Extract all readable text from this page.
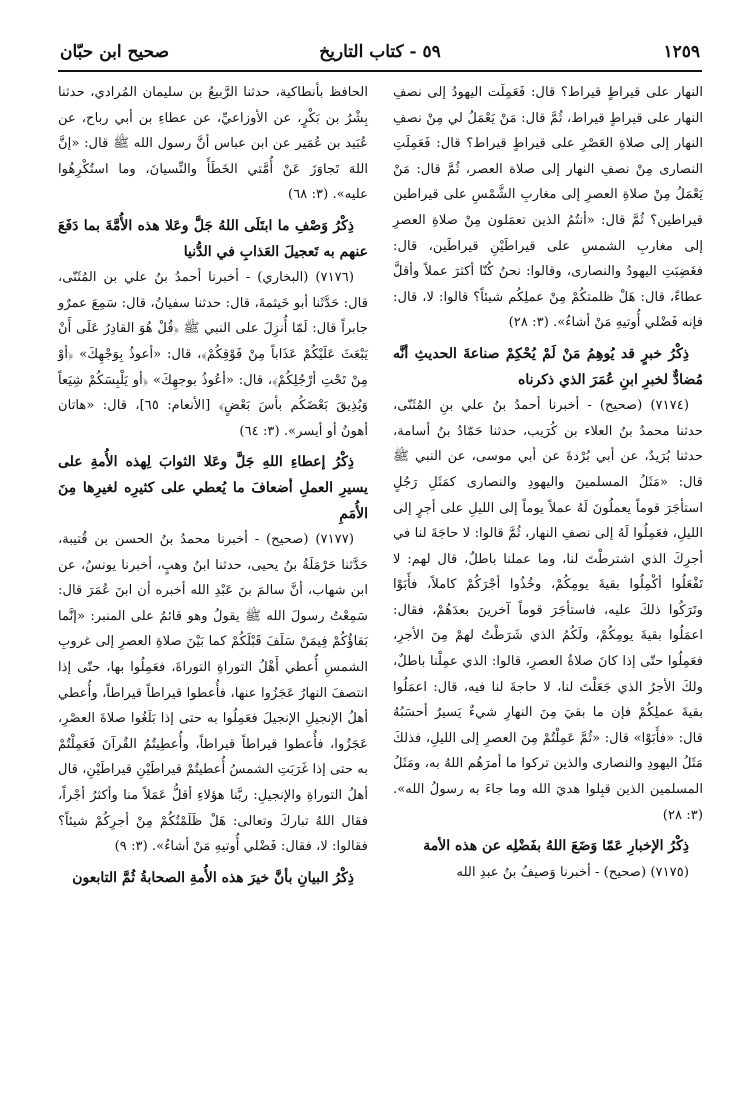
١٢٥٩
٥٩ - كتاب التاريخ
صحيح ابن حبّان

النهار على قيراطٍ قيراط؟ قال: فَعَمِلَت اليهودُ إلى نصفِ النهار على قيراطٍ قيراط، ثُمَّ قال: مَنْ يَعْمَلُ لي مِنْ نصفِ النهار إلى صلاةِ العَصْرِ على قيراطٍ قيراط؟ قال: فَعَمِلَتِ النصارى مِنْ نصفِ النهار إلى صلاة العصر، ثُمَّ قال: مَنْ يَعْمَلُ مِنْ صلاةِ العصرِ إلى مغاربِ الشَّمْسِ على قيراطين قيراطين؟ ثُمَّ قال: «أنتُمُ الذين تعمَلون مِنْ صلاةِ العصرِ إلى مغاربِ الشمسِ على قيراطَيْنِ قيراطَين، قال: فغَضِبَتِ اليهودُ والنصارى، وقالوا: نحنُ كُنّا أكثرَ عملاً وأقلَّ عطاءً، قال: هَلْ ظلمتكُمْ مِنْ عملِكُم شيئاً؟ قالوا: لا، قال: فإنه فَضْلي أُوتيهِ مَنْ أشاءُ». (٣: ٢٨)

ذِكْرُ خبرٍ قد يُوهِمُ مَنْ لَمْ يُحْكِمْ صناعةَ الحديثِ أنَّه مُضادٌّ لخبرِ ابنِ عُمَرَ الذي ذكرناه

(٧١٧٤) (صحيح) - أخبرنا أحمدُ بنُ علي بنِ المُثَنّى، حدثنا محمدُ بنُ العلاء بن كُرَيب، حدثنا حَمّادُ بنُ أسامة، حدثنا بُرَيدٌ، عن أبي بُرْدةَ عن أبي موسى، عن النبي ﷺ قال: «مَثَلُ المسلمينَ واليهودِ والنصارى كمَثَلِ رَجُلٍ استأجَرَ قوماً يعملُونَ لَهُ عملاً يوماً إلى الليلِ على أجرٍ إلى الليلِ، فعَمِلُوا لَهُ إلى نصفِ النهار، ثُمَّ قالوا: لا حاجَةَ لنا في أجرِكَ الذي اشترطْتَ لنا، وما عملنا باطلٌ، قال لهم: لا تَفْعَلُوا أكْمِلُوا بقيةَ يومِكُمْ، وخُذُوا أجْرَكُمْ كاملاً، فأَبَوْا وتَرَكُوا ذلكَ عليه، فاستأجَرَ قوماً آخرينَ بعدَهُمْ، فقال: اعمَلُوا بقيةَ يومِكُمْ، ولَكُمُ الذي شَرَطْتُ لهمْ مِنَ الأجرِ، فعَمِلُوا حتّى إذا كانَ صلاةُ العصرِ، قالوا: الذي عمِلْنا باطلٌ، ولكَ الأجرُ الذي جَعَلْتَ لنا، لا حاجةَ لنا فيه، قال: اعمَلُوا بقيةَ عملِكُمْ فإن ما بقيَ مِنَ النهارِ شيءٌ يَسيرٌ أحسَبُهُ قال: «فأَبَوْا» قال: «ثُمَّ عَمِلْتُمْ مِنَ العصرِ إلى الليلِ، فذلكَ مَثَلُ اليهودِ والنصارى والذين تركوا ما أمرَهُم اللهُ به، ومَثَلُ المسلمين الذين قبِلوا هديَ الله وما جاءَ به رسولُ الله». (٣: ٢٨)

ذِكْرُ الإخبارِ عَمّا وَضَعَ اللهُ بفَضْلِه عن هذه الأمة

(٧١٧٥) (صحيح) - أخبرنا وَصيفُ بنُ عبدِ الله

الحافظ بأنطاكية، حدثنا الرَّبيعُ بن سليمان المُرادي، حدثنا بِشْرُ بن بَكْرٍ، عن الأوزاعيِّ، عن عطاءِ بن أبي رباح، عن عُبَيد بن عُمَير عن ابن عباس أنَّ رسول الله ﷺ قال: «إنَّ اللهَ تَجاوَزَ عَنْ أُمَّتي الخَطَأَ والنِّسيانَ، وما استُكْرِهُوا عليه». (٣: ٦٨)

ذِكْرُ وَصْفِ ما ابتَلَى اللهُ جَلَّ وعَلا هذه الأُمَّةَ بما دَفَعَ عنهم به تَعجيلَ العَذابِ في الدُّنيا

(٧١٧٦) (البخاري) - أخبرنا أحمدُ بنُ علي بن المُثَنّى، قال: حَدَّثَنا أبو خَيثمةَ، قال: حدثنا سفيانُ، قال: سَمِعَ عمرٌو جابراً قال: لَمّا أُنزِلَ على النبي ﷺ ﴿قُلْ هُوَ القادِرُ عَلَى أَنْ يَبْعَثَ عَلَيْكُمْ عَذَاباً مِنْ فَوْقِكُمْ﴾، قال: «أعوذُ بِوَجْهِكَ» ﴿أوْ مِنْ تَحْتِ أرْجُلِكُمْ﴾، قال: «أعُوذُ بوجهِكَ» ﴿أو يَلْبِسَكُمْ شِيَعاً وَيُذِيقَ بَعْضَكُم بأسَ بَعْضٍ﴾ [الأنعام: ٦٥]، قال: «هاتان أهونُ أو أيسر». (٣: ٦٤)

ذِكْرُ إعطاءِ اللهِ جَلَّ وعَلا الثوابَ لِهذه الأُمةِ على يسيرِ العملِ أضعافَ ما يُعطي على كثيرِه لغيرِها مِنَ الأُمَمِ

(٧١٧٧) (صحيح) - أخبرنا محمدُ بنُ الحسن بن قُتيبة، حَدَّثنا حَرْمَلَةُ بنُ يحيى، حدثنا ابنُ وهبٍ، أخبرنا يونسُ، عن ابن شهاب، أنَّ سالمَ بنَ عَبْدِ الله أخبره أن ابنَ عُمَرَ قال: سَمِعْتُ رسولَ الله ﷺ يقولُ وهو قائمٌ على المنبر: «إنَّما بَقاؤُكُمْ فِيمَنْ سَلَفَ قَبْلَكُمْ كما بَيْنَ صلاةِ العصرِ إلى غروبِ الشمسِ أُعطي أَهْلُ التوراةِ التوراةَ، فعَمِلُوا بها، حتّى إذا انتصفَ النهارُ عَجَزُوا عنها، فأُعطوا قيراطاً قيراطاً، وأُعطي أهلُ الإنجيلِ الإنجيلَ فعَمِلُوا به حتى إذا بَلَغُوا صلاةَ العصْرِ، عَجَزُوا، فأُعطوا قيراطاً قيراطاً، وأُعطِيتُمُ القُرآنَ فَعَمِلْتُمْ به حتى إذا غَرَبَتِ الشمسُ أُعطيتُمْ قيراطَيْنِ قيراطَيْنِ، قال أهلُ التوراةِ والإنجيلِ: ربَّنا هؤلاءِ أقلُّ عَمَلاً منا وأكثرُ أجْراً، فقال اللهُ تباركَ وتعالى: هَلْ ظَلَمْتُكُمْ مِنْ أجرِكُمْ شيئاً؟ فقالوا: لا، فقال: فَضْلي أُوتيهِ مَنْ أشاءُ». (٣: ٩)

ذِكْرُ البيانِ بأنَّ خيرَ هذه الأُمةِ الصحابةُ ثُمَّ التابعون
